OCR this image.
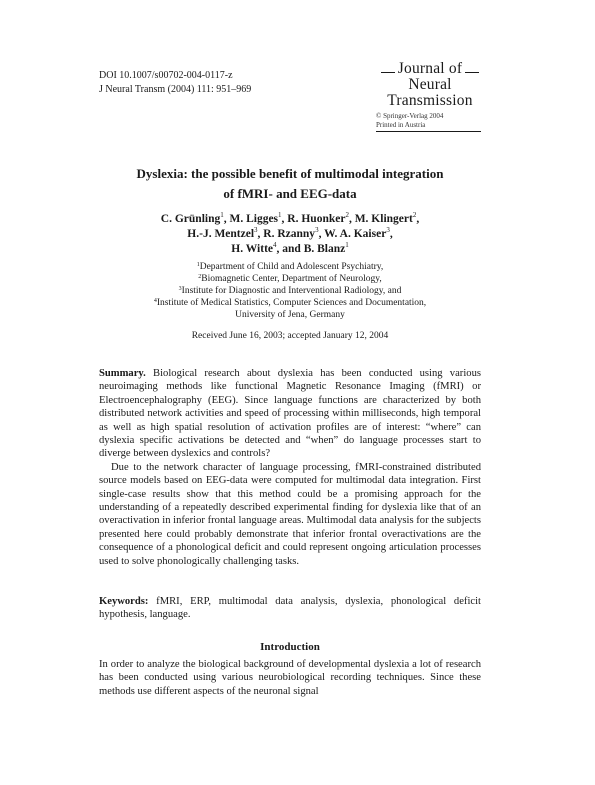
DOI 10.1007/s00702-004-0117-z
J Neural Transm (2004) 111: 951–969
Journal of
Neural
Transmission
© Springer-Verlag 2004
Printed in Austria
Dyslexia: the possible benefit of multimodal integration
of fMRI- and EEG-data
C. Grünling$^1$, M. Ligges$^1$, R. Huonker$^2$, M. Klingert$^2$,
H.-J. Mentzel$^3$, R. Rzanny$^3$, W. A. Kaiser$^3$,
H. Witte$^4$, and B. Blanz$^1$
$^1$Department of Child and Adolescent Psychiatry,
$^2$Biomagnetic Center, Department of Neurology,
$^3$Institute for Diagnostic and Interventional Radiology, and
$^4$Institute of Medical Statistics, Computer Sciences and Documentation,
University of Jena, Germany
Received June 16, 2003; accepted January 12, 2004

Summary. Biological research about dyslexia has been conducted using various neuroimaging methods like functional Magnetic Resonance Imaging (fMRI) or Electroencephalography (EEG). Since language functions are characterized by both distributed network activities and speed of processing within milliseconds, high temporal as well as high spatial resolution of activation profiles are of interest: “where” can dyslexia specific activations be detected and “when” do language processes start to diverge between dyslexics and controls?

Due to the network character of language processing, fMRI-constrained distributed source models based on EEG-data were computed for multimodal data integration. First single-case results show that this method could be a promising approach for the understanding of a repeatedly described experimental finding for dyslexia like that of an overactivation in inferior frontal language areas. Multimodal data analysis for the subjects presented here could probably demonstrate that inferior frontal overactivations are the consequence of a phonological deficit and could represent ongoing articulation processes used to solve phonologically challenging tasks.

Keywords: fMRI, ERP, multimodal data analysis, dyslexia, phonological deficit hypothesis, language.
Introduction
In order to analyze the biological background of developmental dyslexia a lot of research has been conducted using various neurobiological recording techniques. Since these methods use different aspects of the neuronal signal
